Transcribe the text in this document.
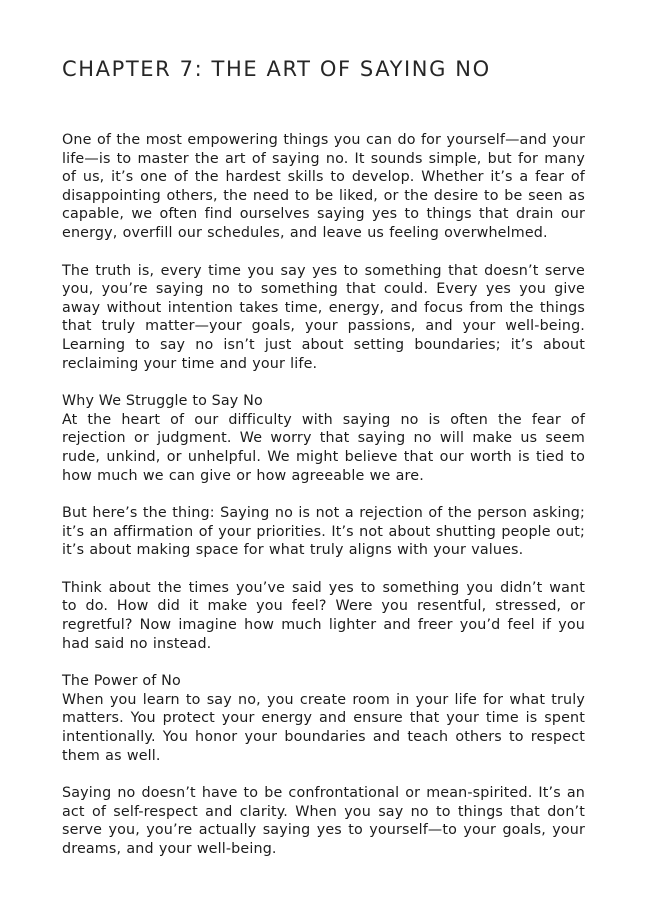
CHAPTER 7: THE ART OF SAYING NO

One of the most empowering things you can do for yourself—and your life—is to master the art of saying no. It sounds simple, but for many of us, it’s one of the hardest skills to develop. Whether it’s a fear of disappointing others, the need to be liked, or the desire to be seen as capable, we often find ourselves saying yes to things that drain our energy, overfill our schedules, and leave us feeling overwhelmed.

The truth is, every time you say yes to something that doesn’t serve you, you’re saying no to something that could. Every yes you give away without intention takes time, energy, and focus from the things that truly matter—your goals, your passions, and your well-being. Learning to say no isn’t just about setting boundaries; it’s about reclaiming your time and your life.

Why We Struggle to Say No

At the heart of our difficulty with saying no is often the fear of rejection or judgment. We worry that saying no will make us seem rude, unkind, or unhelpful. We might believe that our worth is tied to how much we can give or how agreeable we are.

But here’s the thing: Saying no is not a rejection of the person asking; it’s an affirmation of your priorities. It’s not about shutting people out; it’s about making space for what truly aligns with your values.

Think about the times you’ve said yes to something you didn’t want to do. How did it make you feel? Were you resentful, stressed, or regretful? Now imagine how much lighter and freer you’d feel if you had said no instead.

The Power of No

When you learn to say no, you create room in your life for what truly matters. You protect your energy and ensure that your time is spent intentionally. You honor your boundaries and teach others to respect them as well.

Saying no doesn’t have to be confrontational or mean-spirited. It’s an act of self-respect and clarity. When you say no to things that don’t serve you, you’re actually saying yes to yourself—to your goals, your dreams, and your well-being.
